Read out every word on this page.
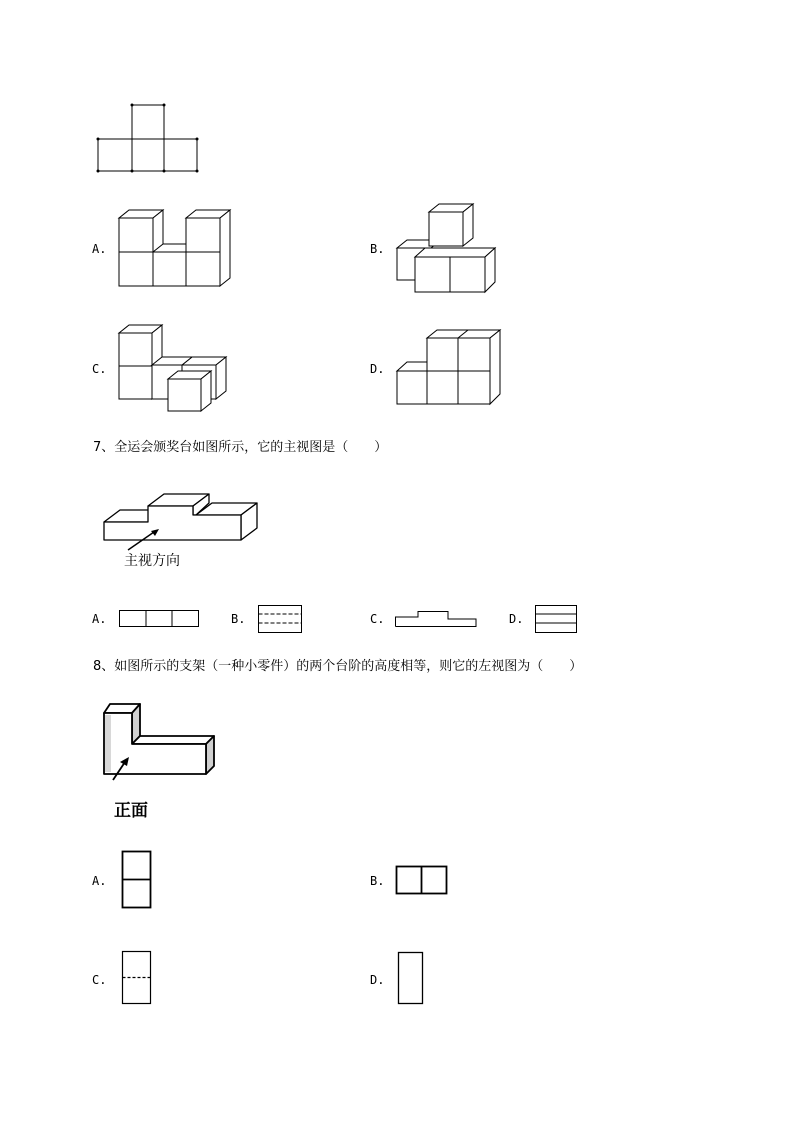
A.	B.
C.	D.
7、全运会颁奖台如图所示，它的主视图是（　　）
主视方向
A.	B.	C.	D.
8、如图所示的支架（一种小零件）的两个台阶的高度相等，则它的左视图为（　　）
正面
A.	B.
C.	D.
